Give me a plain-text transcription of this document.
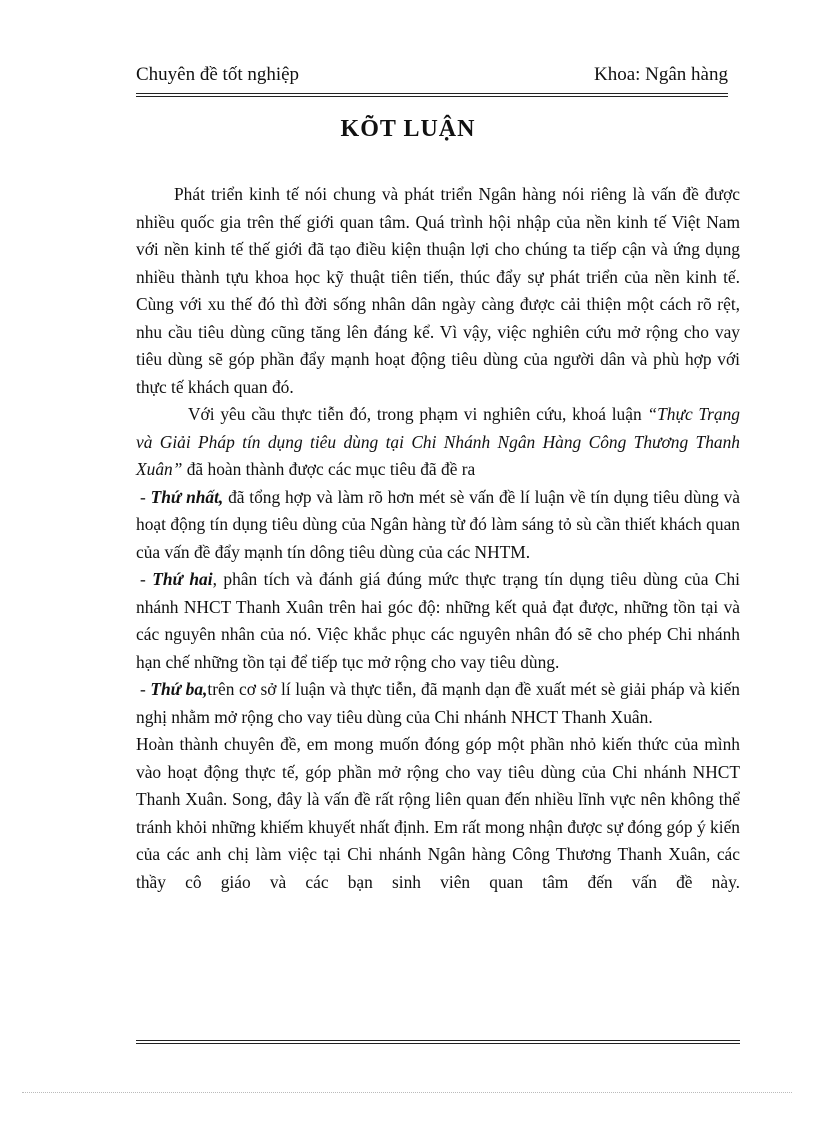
Chuyên đề tốt nghiệp	Khoa: Ngân hàng
KÕT LUẬN

Phát triển kinh tế nói chung và phát triển Ngân hàng nói riêng là vấn đề được nhiều quốc gia trên thế giới quan tâm. Quá trình hội nhập của nền kinh tế Việt Nam với nền kinh tế thế giới đã tạo điều kiện thuận lợi cho chúng ta tiếp cận và ứng dụng nhiều thành tựu khoa học kỹ thuật tiên tiến, thúc đẩy sự phát triển của nền kinh tế. Cùng với xu thế đó thì đời sống nhân dân ngày càng được cải thiện một cách rõ rệt, nhu cầu tiêu dùng cũng tăng lên đáng kể. Vì vậy, việc nghiên cứu mở rộng cho vay tiêu dùng sẽ góp phần đẩy mạnh hoạt động tiêu dùng của người dân và phù hợp với thực tế khách quan đó.

Với yêu cầu thực tiễn đó, trong phạm vi nghiên cứu, khoá luận “Thực Trạng và Giải Pháp tín dụng tiêu dùng tại Chi Nhánh Ngân Hàng Công Thương Thanh Xuân” đã hoàn thành được các mục tiêu đã đề ra

- Thứ nhất, đã tổng hợp và làm rõ hơn mét sè vấn đề lí luận về tín dụng tiêu dùng và hoạt động tín dụng tiêu dùng của Ngân hàng từ đó làm sáng tỏ sù cần thiết khách quan của vấn đề đẩy mạnh tín dông tiêu dùng của các NHTM.

- Thứ hai, phân tích và đánh giá đúng mức thực trạng tín dụng tiêu dùng của Chi nhánh NHCT Thanh Xuân trên hai góc độ: những kết quả đạt được, những tồn tại và các nguyên nhân của nó. Việc khắc phục các nguyên nhân đó sẽ cho phép Chi nhánh hạn chế những tồn tại để tiếp tục mở rộng cho vay tiêu dùng.

- Thứ ba,trên cơ sở lí luận và thực tiễn, đã mạnh dạn đề xuất mét sè giải pháp và kiến nghị nhằm mở rộng cho vay tiêu dùng của Chi nhánh NHCT Thanh Xuân.

Hoàn thành chuyên đề, em mong muốn đóng góp một phần nhỏ kiến thức của mình vào hoạt động thực tế, góp phần mở rộng cho vay tiêu dùng của Chi nhánh NHCT Thanh Xuân. Song, đây là vấn đề rất rộng liên quan đến nhiều lĩnh vực nên không thể tránh khỏi những khiếm khuyết nhất định. Em rất mong nhận được sự đóng góp ý kiến của các anh chị làm việc tại Chi nhánh Ngân hàng Công Thương Thanh Xuân, các thầy cô giáo và các bạn sinh viên quan tâm đến vấn đề này.
